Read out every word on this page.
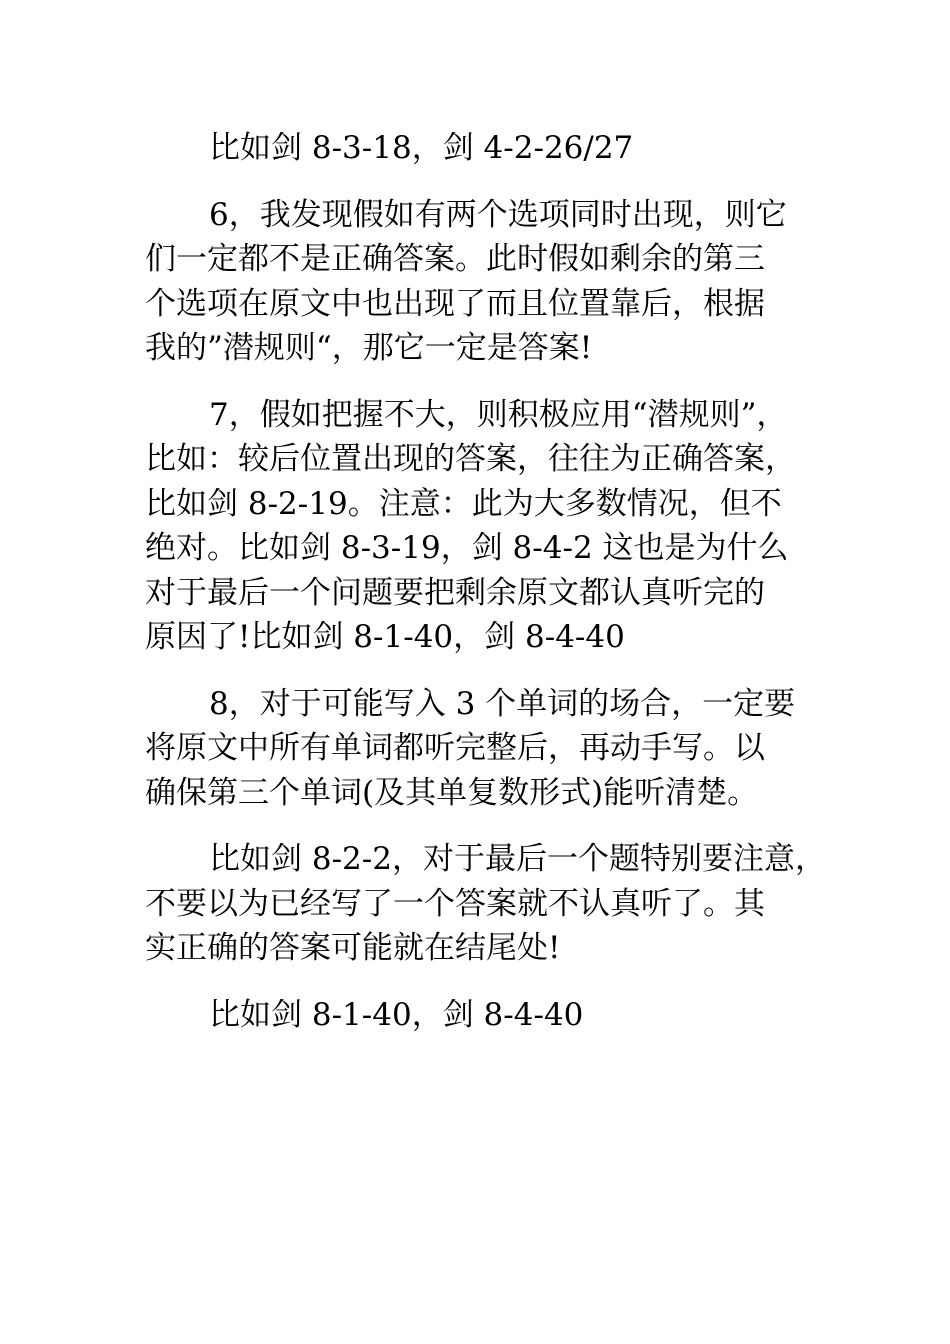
比如剑 8-3-18，剑 4-2-26/27
6，我发现假如有两个选项同时出现，则它
们一定都不是正确答案。此时假如剩余的第三
个选项在原文中也出现了而且位置靠后，根据
我的”潜规则“，那它一定是答案!
7，假如把握不大，则积极应用“潜规则”，
比如：较后位置出现的答案，往往为正确答案，
比如剑 8-2-19。注意：此为大多数情况，但不
绝对。比如剑 8-3-19，剑 8-4-2 这也是为什么
对于最后一个问题要把剩余原文都认真听完的
原因了!比如剑 8-1-40，剑 8-4-40
8，对于可能写入 3 个单词的场合，一定要
将原文中所有单词都听完整后，再动手写。以
确保第三个单词(及其单复数形式)能听清楚。
比如剑 8-2-2，对于最后一个题特别要注意，
不要以为已经写了一个答案就不认真听了。其
实正确的答案可能就在结尾处!
比如剑 8-1-40，剑 8-4-40
